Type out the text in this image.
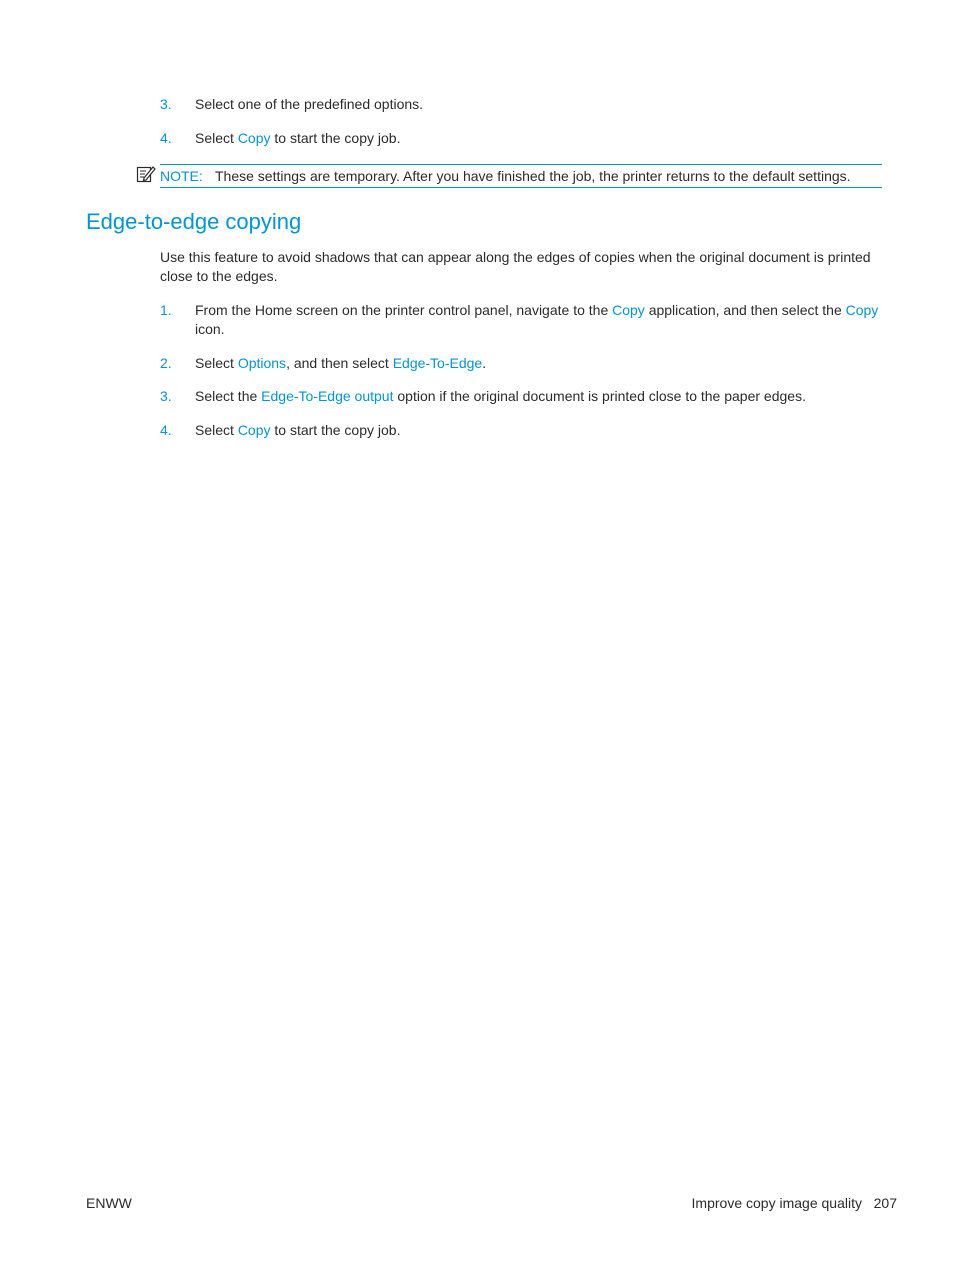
3.	Select one of the predefined options.
4.	Select Copy to start the copy job.
NOTE: These settings are temporary. After you have finished the job, the printer returns to the default settings.
Edge-to-edge copying

Use this feature to avoid shadows that can appear along the edges of copies when the original document is printed close to the edges.

1.	From the Home screen on the printer control panel, navigate to the Copy application, and then select the Copy icon.
2.	Select Options, and then select Edge-To-Edge.
3.	Select the Edge-To-Edge output option if the original document is printed close to the paper edges.
4.	Select Copy to start the copy job.
ENWW	Improve copy image quality 207
